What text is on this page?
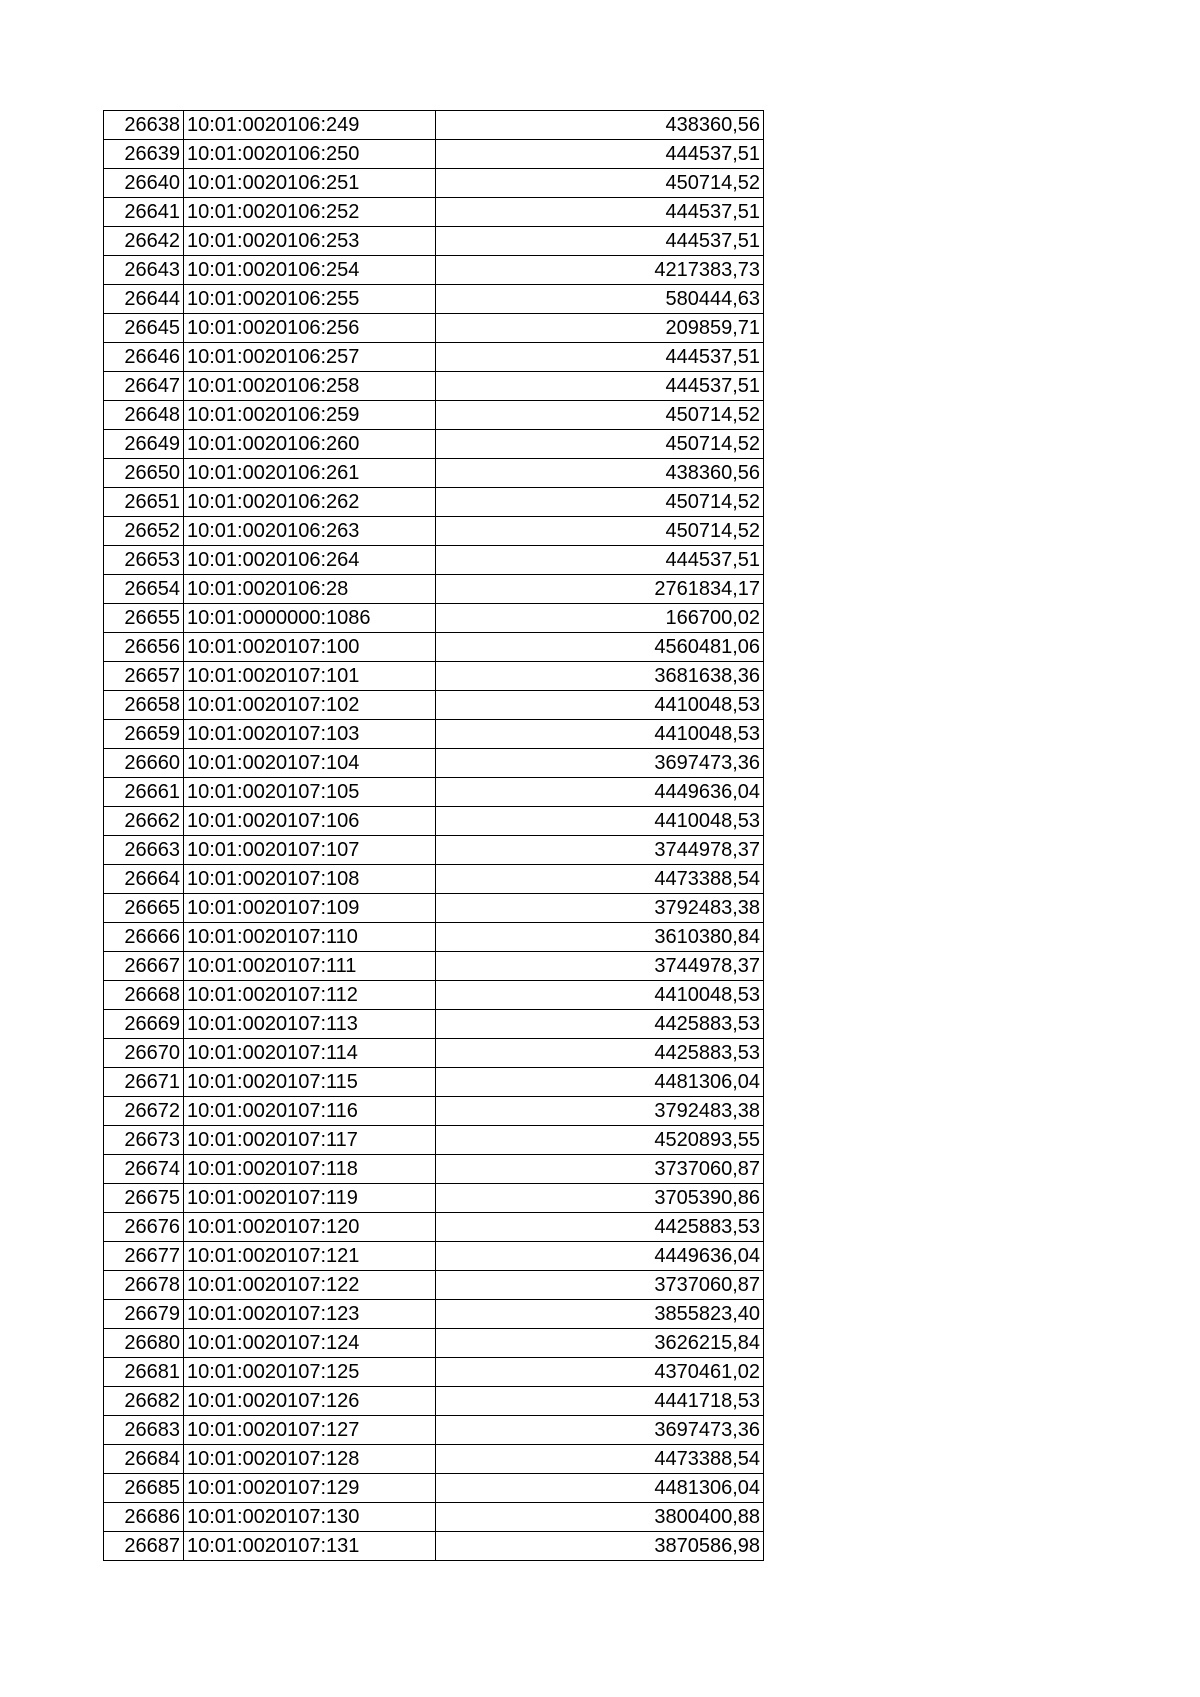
26638	10:01:0020106:249	438360,56
26639	10:01:0020106:250	444537,51
26640	10:01:0020106:251	450714,52
26641	10:01:0020106:252	444537,51
26642	10:01:0020106:253	444537,51
26643	10:01:0020106:254	4217383,73
26644	10:01:0020106:255	580444,63
26645	10:01:0020106:256	209859,71
26646	10:01:0020106:257	444537,51
26647	10:01:0020106:258	444537,51
26648	10:01:0020106:259	450714,52
26649	10:01:0020106:260	450714,52
26650	10:01:0020106:261	438360,56
26651	10:01:0020106:262	450714,52
26652	10:01:0020106:263	450714,52
26653	10:01:0020106:264	444537,51
26654	10:01:0020106:28	2761834,17
26655	10:01:0000000:1086	166700,02
26656	10:01:0020107:100	4560481,06
26657	10:01:0020107:101	3681638,36
26658	10:01:0020107:102	4410048,53
26659	10:01:0020107:103	4410048,53
26660	10:01:0020107:104	3697473,36
26661	10:01:0020107:105	4449636,04
26662	10:01:0020107:106	4410048,53
26663	10:01:0020107:107	3744978,37
26664	10:01:0020107:108	4473388,54
26665	10:01:0020107:109	3792483,38
26666	10:01:0020107:110	3610380,84
26667	10:01:0020107:111	3744978,37
26668	10:01:0020107:112	4410048,53
26669	10:01:0020107:113	4425883,53
26670	10:01:0020107:114	4425883,53
26671	10:01:0020107:115	4481306,04
26672	10:01:0020107:116	3792483,38
26673	10:01:0020107:117	4520893,55
26674	10:01:0020107:118	3737060,87
26675	10:01:0020107:119	3705390,86
26676	10:01:0020107:120	4425883,53
26677	10:01:0020107:121	4449636,04
26678	10:01:0020107:122	3737060,87
26679	10:01:0020107:123	3855823,40
26680	10:01:0020107:124	3626215,84
26681	10:01:0020107:125	4370461,02
26682	10:01:0020107:126	4441718,53
26683	10:01:0020107:127	3697473,36
26684	10:01:0020107:128	4473388,54
26685	10:01:0020107:129	4481306,04
26686	10:01:0020107:130	3800400,88
26687	10:01:0020107:131	3870586,98
